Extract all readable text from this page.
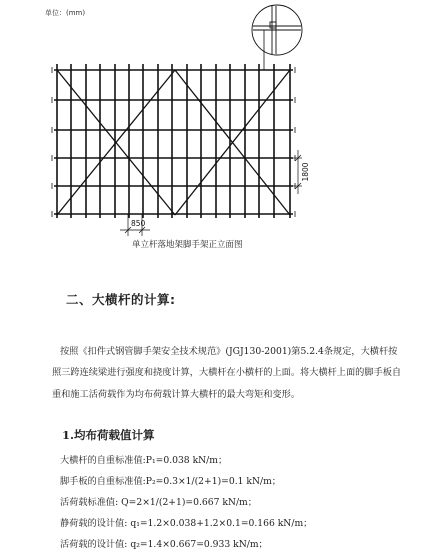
1800
850
单位：(mm)
单立杆落地架脚手架正立面图
二、大横杆的计算:
按照《扣件式钢管脚手架安全技术规范》(JGJ130-2001)第5.2.4条规定，大横杆按
照三跨连续梁进行强度和挠度计算，大横杆在小横杆的上面。将大横杆上面的脚手板自
重和施工活荷载作为均布荷载计算大横杆的最大弯矩和变形。
1.均布荷载值计算
大横杆的自重标准值:P₁=0.038 kN/m；
脚手板的自重标准值:P₂=0.3×1/(2+1)=0.1 kN/m；
活荷载标准值: Q=2×1/(2+1)=0.667 kN/m；
静荷载的设计值: q₁=1.2×0.038+1.2×0.1=0.166 kN/m；
活荷载的设计值: q₂=1.4×0.667=0.933 kN/m；
